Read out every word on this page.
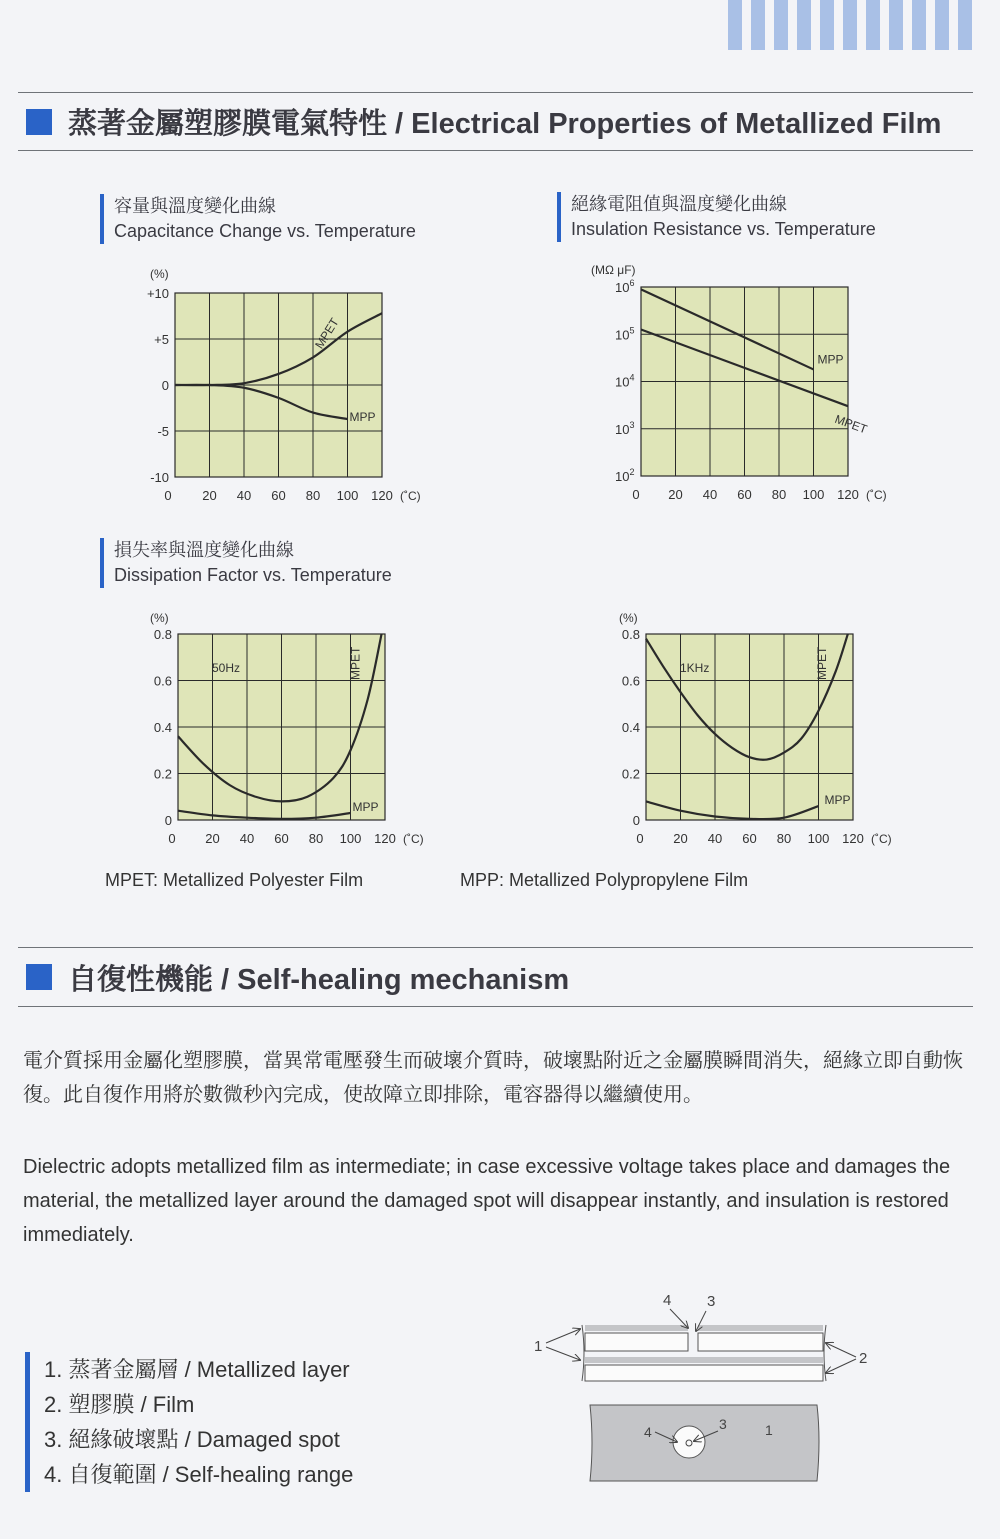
蒸著金屬塑膠膜電氣特性 / Electrical Properties of Metallized Film
容量與溫度變化曲線
Capacitance Change vs. Temperature
絕緣電阻值與溫度變化曲線
Insulation Resistance vs. Temperature
損失率與溫度變化曲線
Dissipation Factor vs. Temperature
(%)
+10
+5
0
-5
-10
0 20 40 60 80 100 120 (˚C)
MPET
MPP
(MΩ μF)
$10^6$
$10^5$
$10^4$
$10^3$
$10^2$
0 20 40 60 80 100 120 (˚C)
MPP
MPET
(%)
0.8
0.6
0.4
0.2
0
0 20 40 60 80 100 120 (˚C)
50Hz	MPET
MPP
(%)
0.8
0.6
0.4
0.2
0
0 20 40 60 80 100 120 (˚C)
1KHz	MPET
MPP
MPET: Metallized Polyester Film	MPP: Metallized Polypropylene Film
自復性機能 / Self-healing mechanism
電介質採用金屬化塑膠膜，當異常電壓發生而破壞介質時，破壞點附近之金屬膜瞬間消失，絕緣立即自動恢復。此自復作用將於數微秒內完成，使故障立即排除，電容器得以繼續使用。
Dielectric adopts metallized film as intermediate; in case excessive voltage takes place and damages the material, the metallized layer around the damaged spot will disappear instantly, and insulation is restored immediately.
1. 蒸著金屬層 / Metallized layer
2. 塑膠膜 / Film
3. 絕緣破壞點 / Damaged spot
4. 自復範圍 / Self-healing range
1
2
4 3
4	3	1
